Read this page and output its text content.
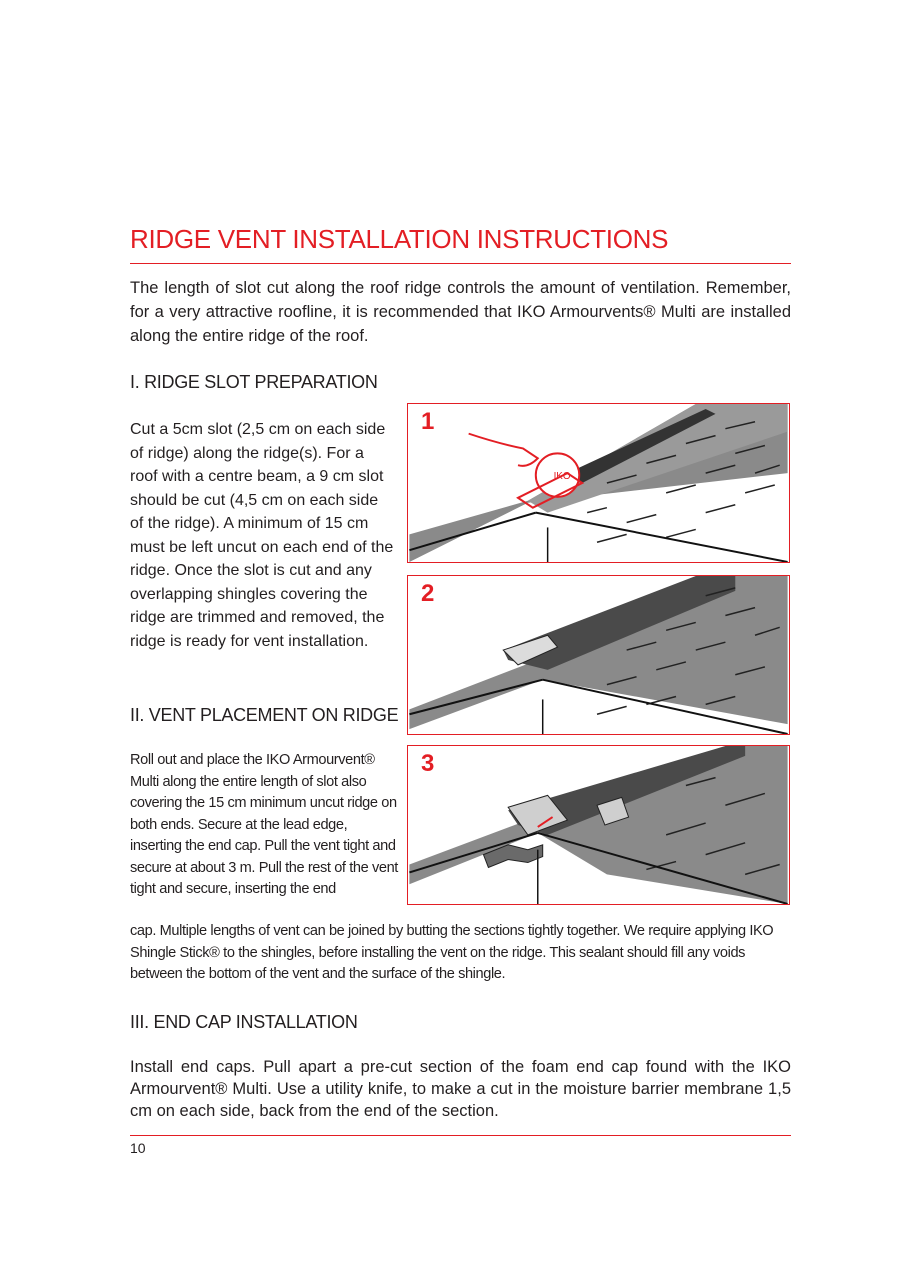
RIDGE VENT INSTALLATION INSTRUCTIONS

The length of slot cut along the roof ridge controls the amount of ventilation. Remember, for a very attractive roofline, it is recommended that IKO Armourvents® Multi are installed along the entire ridge of the roof.

I. RIDGE SLOT PREPARATION

Cut a 5cm slot (2,5 cm on each side of ridge) along the ridge(s). For a roof with a centre beam, a 9 cm slot should be cut (4,5 cm on each side of the ridge). A minimum of 15 cm must be left uncut on each end of the ridge. Once the slot is cut and any overlapping shingles covering the ridge are trimmed and removed, the ridge is ready for vent installation.

II. VENT PLACEMENT ON RIDGE

Roll out and place the IKO Armourvent® Multi along the entire length of slot also covering the 15 cm minimum uncut ridge on both ends. Secure at the lead edge, inserting the end cap. Pull the vent tight and secure at about 3 m. Pull the rest of the vent tight and secure, inserting the end

cap. Multiple lengths of vent can be joined by butting the sections tightly together. We require applying IKO Shingle Stick® to the shingles, before installing the vent on the ridge. This sealant should fill any voids between the bottom of the vent and the surface of the shingle.

III. END CAP INSTALLATION

Install end caps. Pull apart a pre-cut section of the foam end cap found with the IKO Armourvent® Multi. Use a utility knife, to make a cut in the moisture barrier membrane 1,5 cm on each side, back from the end of the section.

10

1
IKO
2
3
